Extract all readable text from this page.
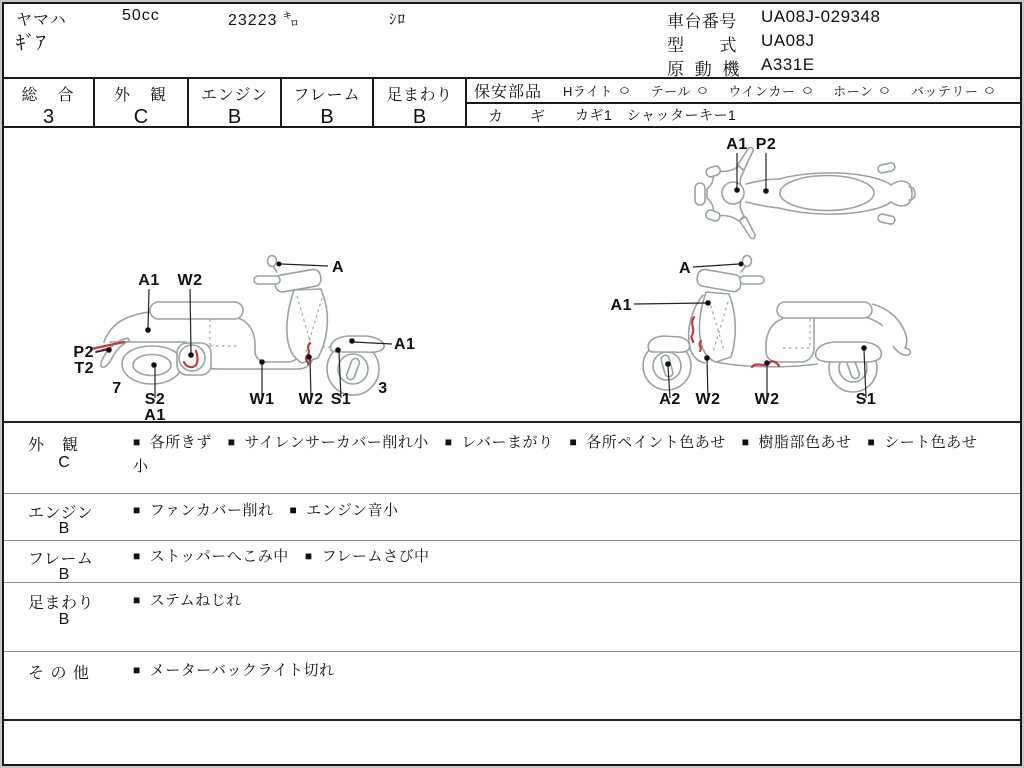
ヤマハ	50cc	23223 ㌔	ｼﾛ
ｷﾞｱ
車台番号 UA08J-029348
型　　式 UA08J
原 動 機 A331E
総　合
3
外　観
C
エンジン
B
フレーム
B
足まわり
B
保安部品 Hライト ○ テール ○ ウインカー ○ ホーン ○ バッテリー ○
カ　ギ カギ1　シャッターキー1
A1 P2
A1 W2
A
P2
T2
7
S2
A1
W1 W2 S1
3
A1
A
A1
A2 W2 W2	S1
外　観
C
■ 各所きず ■ サイレンサーカバー削れ小 ■ レバーまがり ■ 各所ペイント色あせ ■ 樹脂部色あせ ■ シート色あせ小
エンジン
B
■ ファンカバー削れ ■ エンジン音小
フレーム
B
■ ストッパーへこみ中 ■ フレームさび中
足まわり
B
■ ステムねじれ
そ の 他	■ メーターバックライト切れ
